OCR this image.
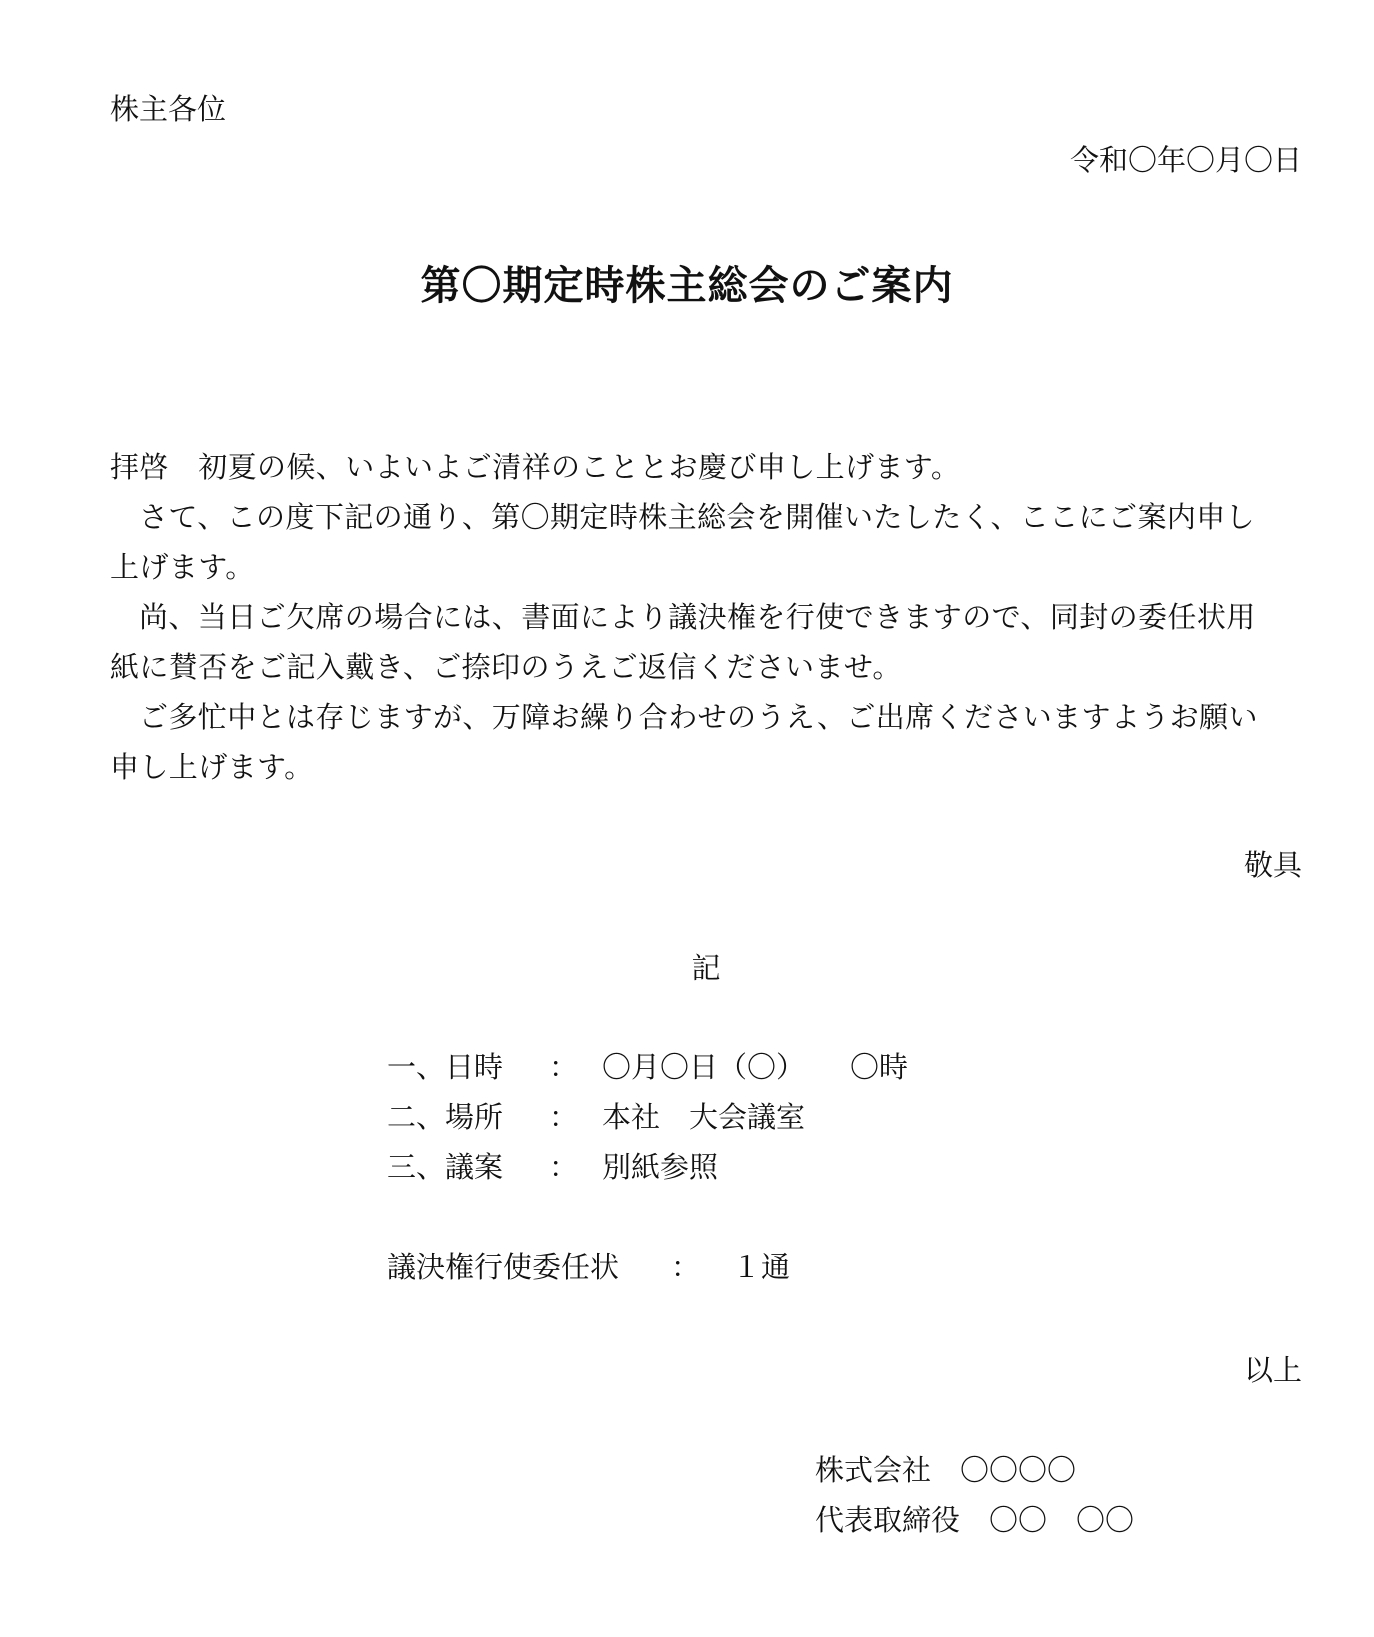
株主各位
令和〇年〇月〇日
第〇期定時株主総会のご案内

拝啓　初夏の候、いよいよご清祥のこととお慶び申し上げます。

さて、この度下記の通り、第〇期定時株主総会を開催いたしたく、ここにご案内申し

上げます。

尚、当日ご欠席の場合には、書面により議決権を行使できますので、同封の委任状用

紙に賛否をご記入戴き、ご捺印のうえご返信くださいませ。

ご多忙中とは存じますが、万障お繰り合わせのうえ、ご出席くださいますようお願い

申し上げます。

敬具
記
一、日時 ： 〇月〇日（〇） 〇時
二、場所 ： 本社　大会議室
三、議案 ： 別紙参照
議決権行使委任状 ： １通
以上
株式会社　〇〇〇〇
代表取締役　〇〇　〇〇
